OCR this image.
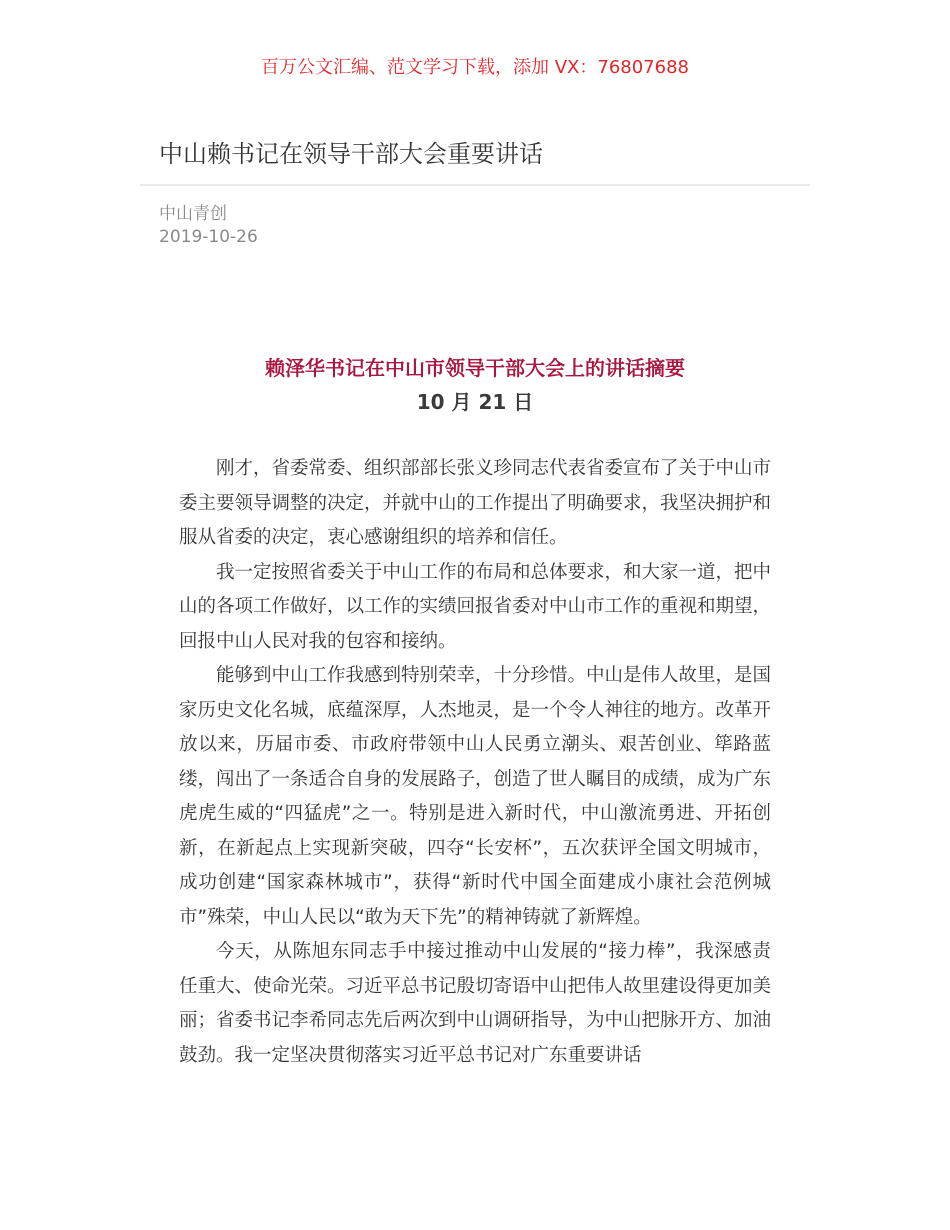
百万公文汇编、范文学习下载，添加 VX：76807688
中山赖书记在领导干部大会重要讲话
中山青创
2019-10-26
赖泽华书记在中山市领导干部大会上的讲话摘要
10 月 21 日

刚才，省委常委、组织部部长张义珍同志代表省委宣布了关于中山市委主要领导调整的决定，并就中山的工作提出了明确要求，我坚决拥护和服从省委的决定，衷心感谢组织的培养和信任。

我一定按照省委关于中山工作的布局和总体要求，和大家一道，把中山的各项工作做好，以工作的实绩回报省委对中山市工作的重视和期望，回报中山人民对我的包容和接纳。

能够到中山工作我感到特别荣幸，十分珍惜。中山是伟人故里，是国家历史文化名城，底蕴深厚，人杰地灵，是一个令人神往的地方。改革开放以来，历届市委、市政府带领中山人民勇立潮头、艰苦创业、筚路蓝缕，闯出了一条适合自身的发展路子，创造了世人瞩目的成绩，成为广东虎虎生威的“四猛虎”之一。特别是进入新时代，中山激流勇进、开拓创新，在新起点上实现新突破，四夺“长安杯”，五次获评全国文明城市，成功创建“国家森林城市”，获得“新时代中国全面建成小康社会范例城市”殊荣，中山人民以“敢为天下先”的精神铸就了新辉煌。

今天，从陈旭东同志手中接过推动中山发展的“接力棒”，我深感责任重大、使命光荣。习近平总书记殷切寄语中山把伟人故里建设得更加美丽；省委书记李希同志先后两次到中山调研指导，为中山把脉开方、加油鼓劲。我一定坚决贯彻落实习近平总书记对广东重要讲话
